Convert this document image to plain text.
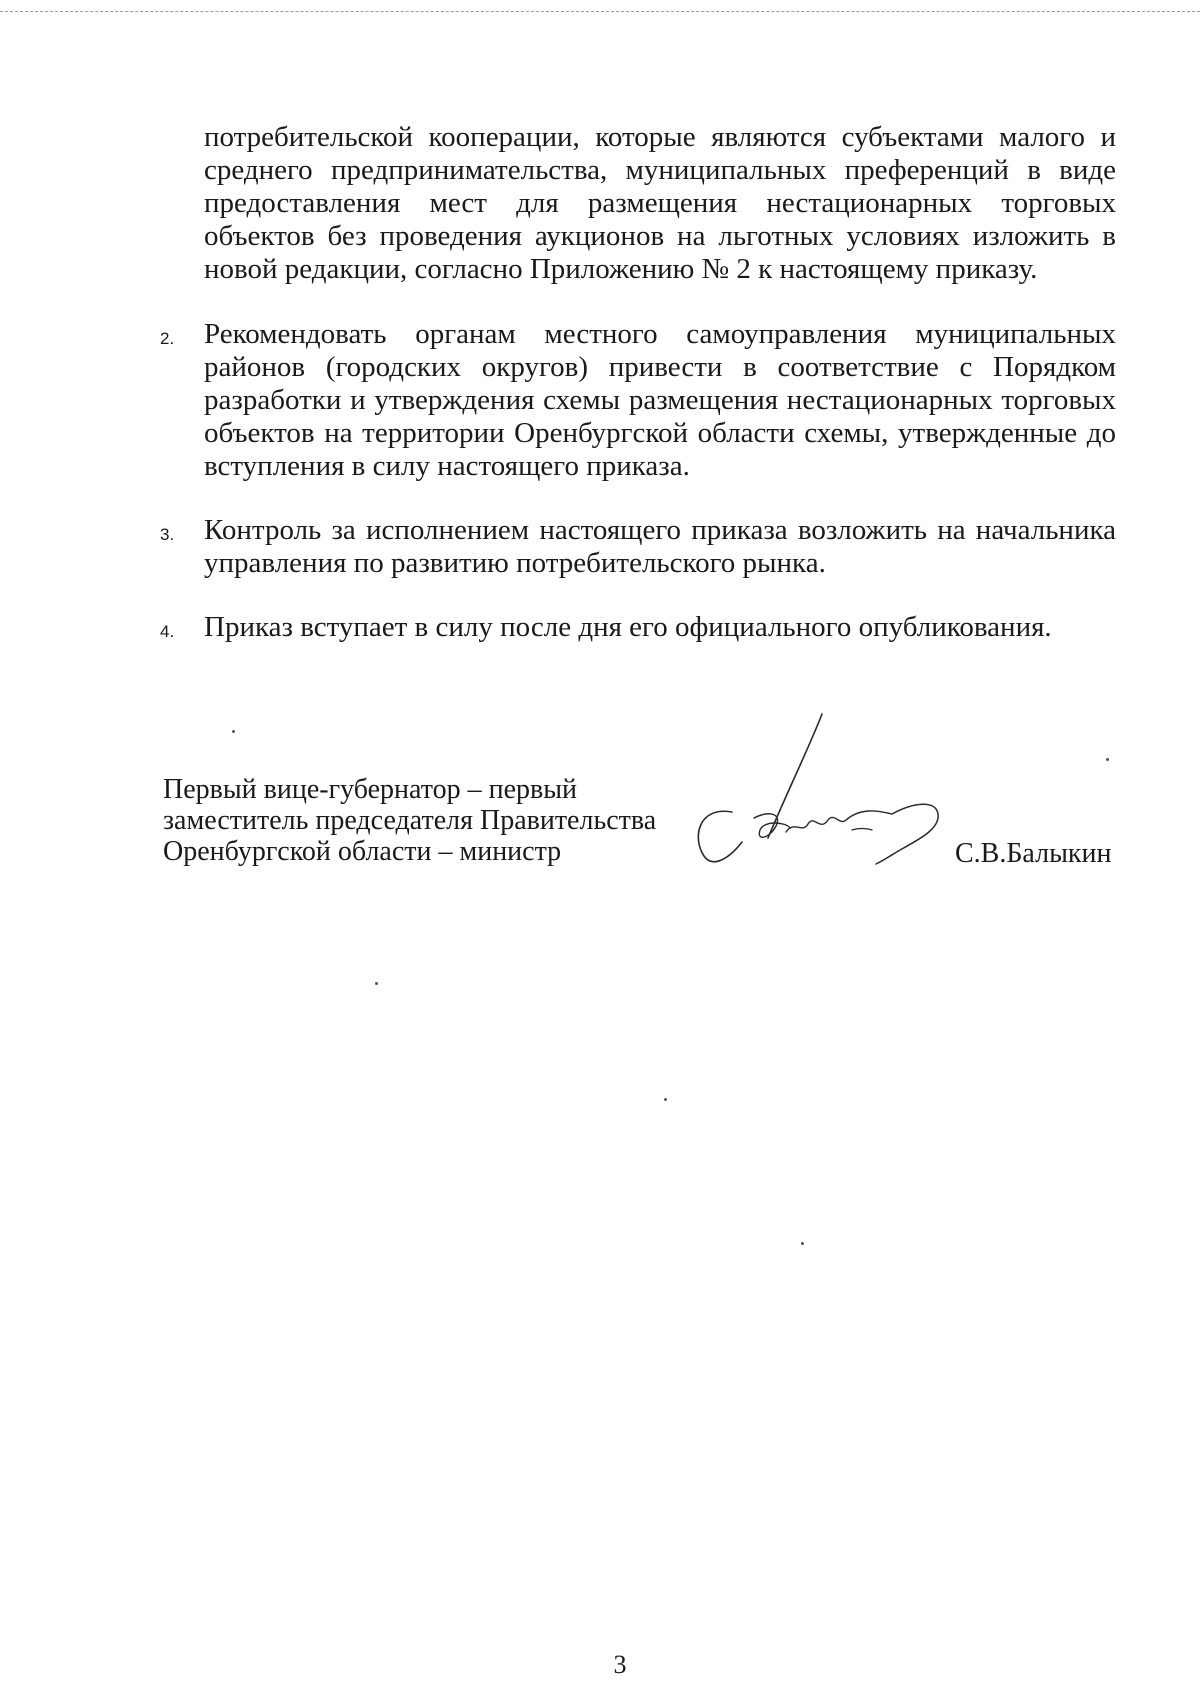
потребительской кооперации, которые являются субъектами малого и среднего предпринимательства, муниципальных преференций в виде предоставления мест для размещения нестационарных торговых объектов без проведения аукционов на льготных условиях изложить в новой редакции, согласно Приложению № 2 к настоящему приказу.

2.	Рекомендовать органам местного самоуправления муниципальных районов (городских округов) привести в соответствие с Порядком разработки и утверждения схемы размещения нестационарных торговых объектов на территории Оренбургской области схемы, утвержденные до вступления в силу настоящего приказа.

3.	Контроль за исполнением настоящего приказа возложить на начальника управления по развитию потребительского рынка.

4.	Приказ вступает в силу после дня его официального опубликования.

Первый вице-губернатор – первый
заместитель председателя Правительства
Оренбургской области – министр	С.В.Балыкин
3
